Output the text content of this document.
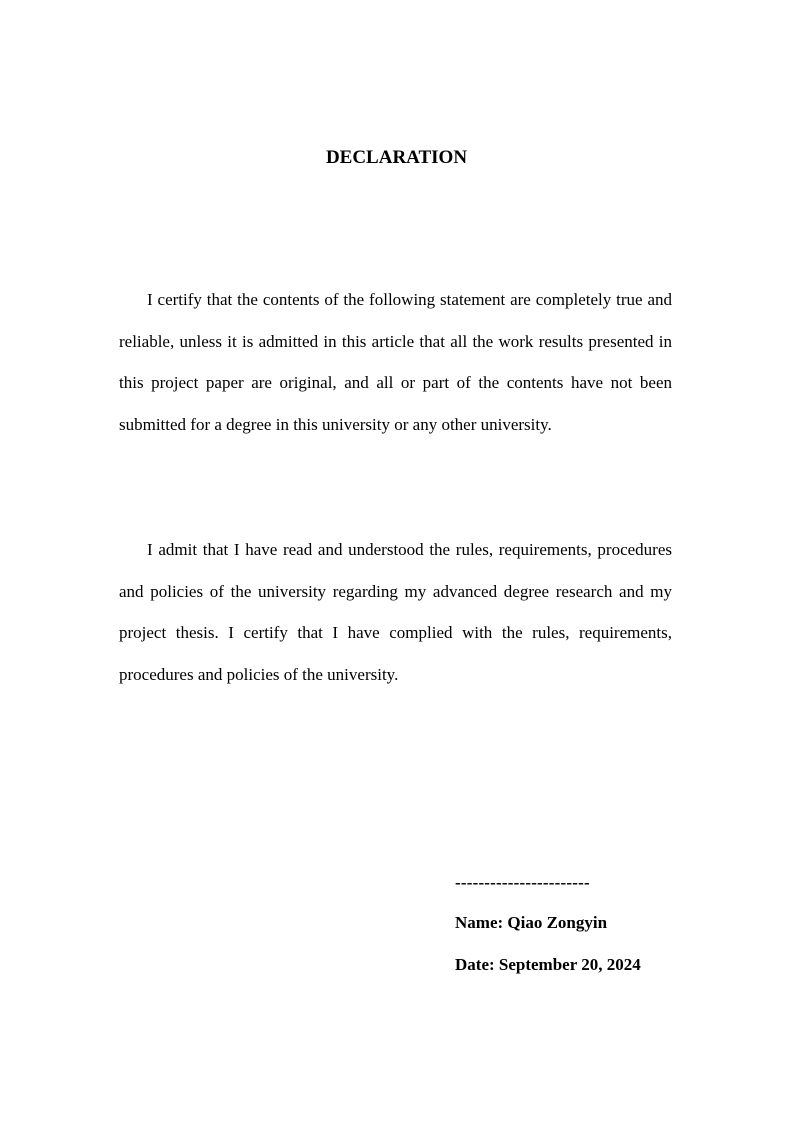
DECLARATION

I certify that the contents of the following statement are completely true and reliable, unless it is admitted in this article that all the work results presented in this project paper are original, and all or part of the contents have not been submitted for a degree in this university or any other university.

I admit that I have read and understood the rules, requirements, procedures and policies of the university regarding my advanced degree research and my project thesis. I certify that I have complied with the rules, requirements, procedures and policies of the university.

-----------------------

Name: Qiao Zongyin

Date: September 20, 2024
